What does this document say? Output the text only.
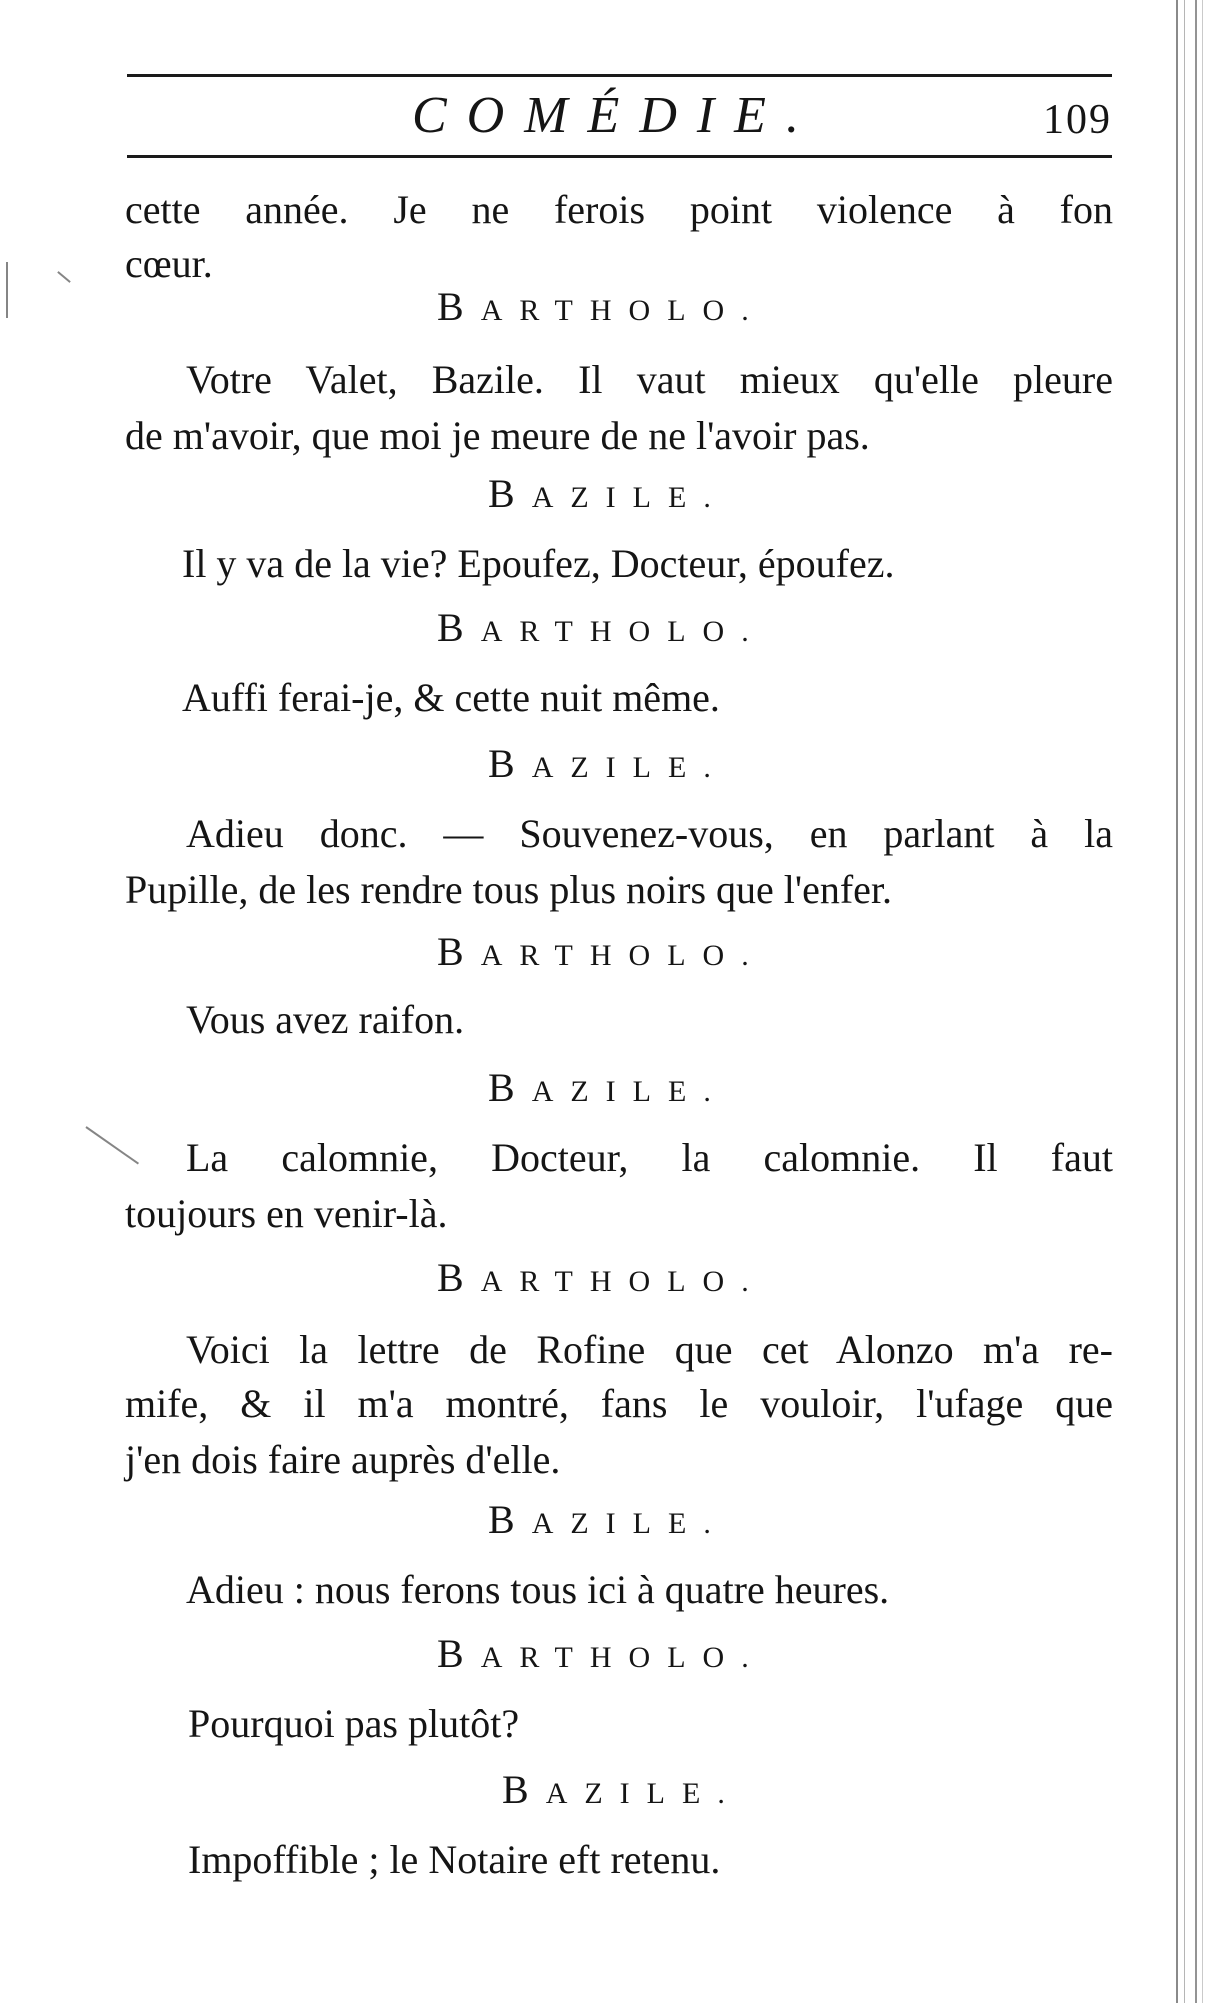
COMÉDIE.	109
cette année. Je ne ferois point violence à fon
cœur.
BARTHOLO.
Votre Valet, Bazile. Il vaut mieux qu'elle pleure
de m'avoir, que moi je meure de ne l'avoir pas.
BAZILE.
Il y va de la vie? Epoufez, Docteur, époufez.
BARTHOLO.
Auffi ferai-je, & cette nuit même.
BAZILE.
Adieu donc. — Souvenez-vous, en parlant à la
Pupille, de les rendre tous plus noirs que l'enfer.
BARTHOLO.
Vous avez raifon.
BAZILE.
La calomnie, Docteur, la calomnie. Il faut
toujours en venir-là.
BARTHOLO.
Voici la lettre de Rofine que cet Alonzo m'a re-
mife, & il m'a montré, fans le vouloir, l'ufage que
j'en dois faire auprès d'elle.
BAZILE.
Adieu : nous ferons tous ici à quatre heures.
BARTHOLO.
Pourquoi pas plutôt?
BAZILE.
Impoffible ; le Notaire eft retenu.
